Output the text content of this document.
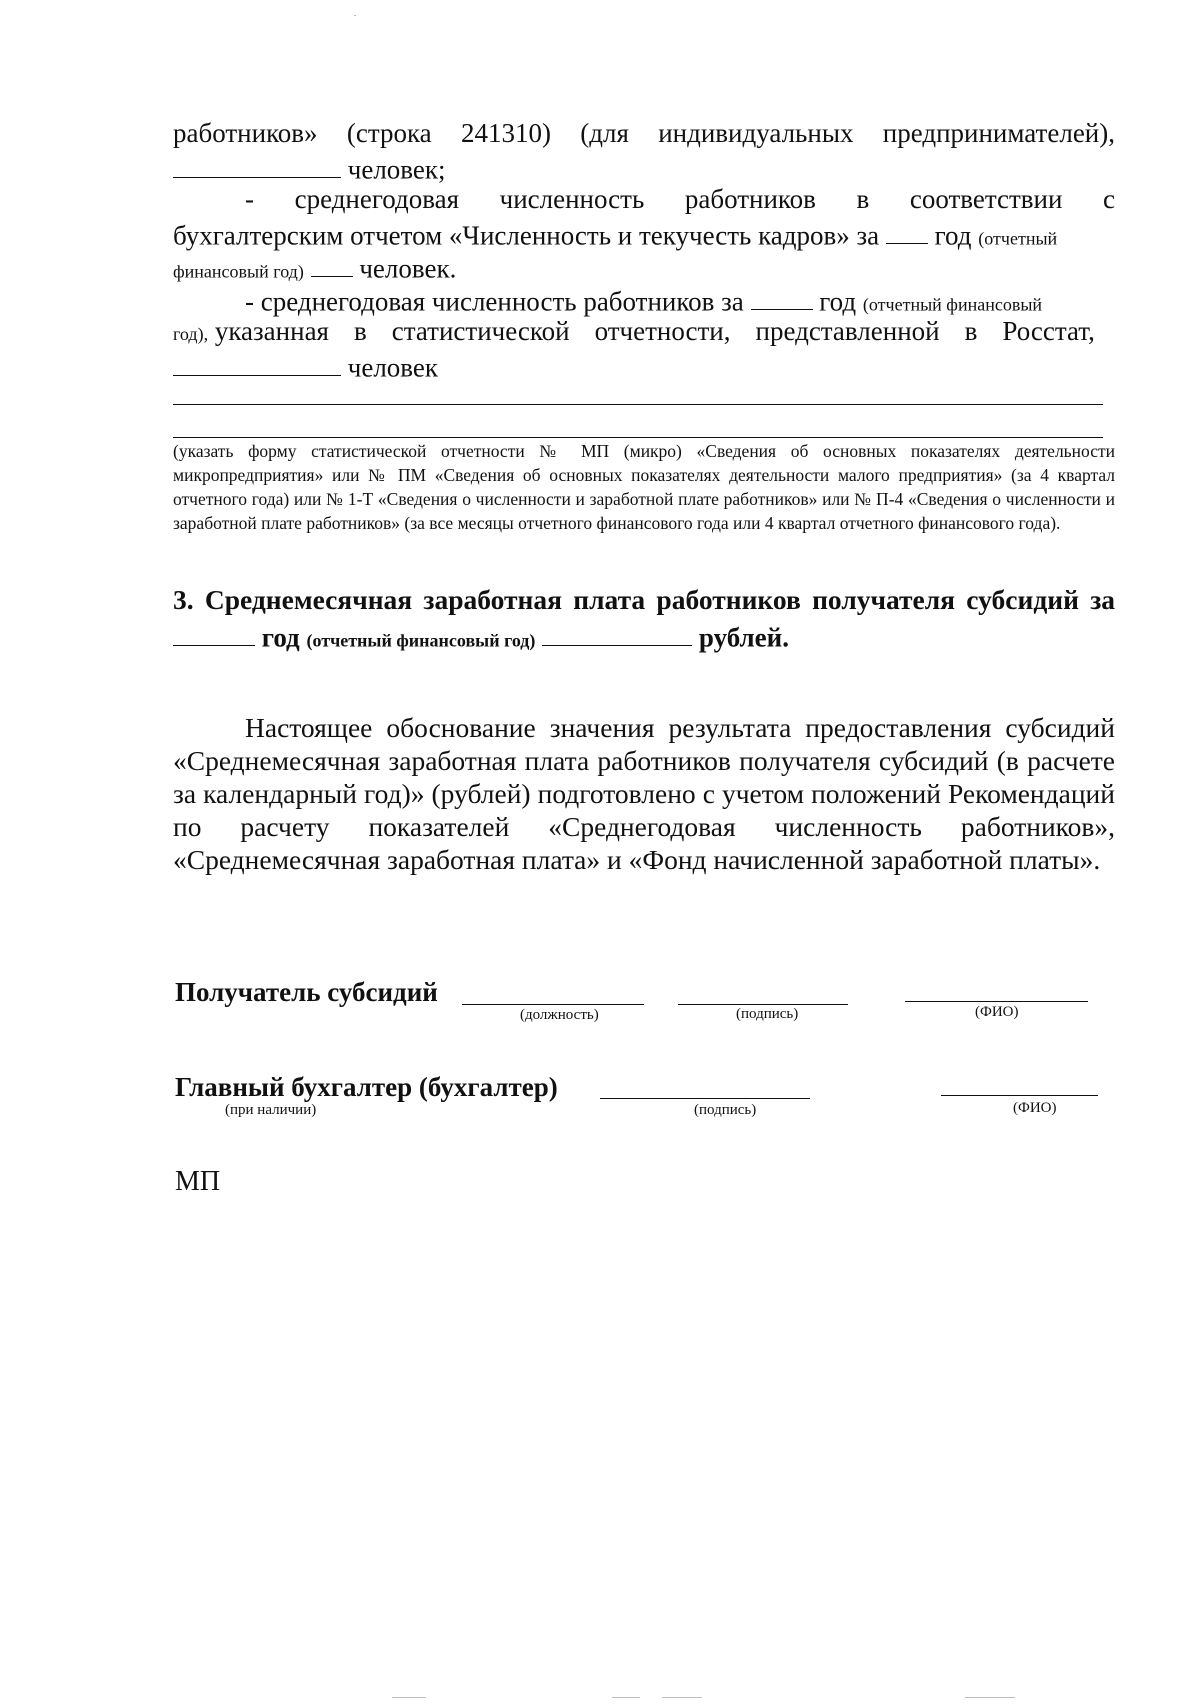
работников» (строка 241310) (для индивидуальных предпринимателей),
человек;
- среднегодовая численность работников в соответствии с
бухгалтерским отчетом «Численность и текучесть кадров» за год (отчетный
финансовый год) человек.
- среднегодовая численность работников за	год (отчетный финансовый
год), указанная в статистической отчетности, представленной в Росстат,
человек
(указать форму статистической отчетности № МП (микро) «Сведения об основных показателях деятельности микропредприятия» или № ПМ «Сведения об основных показателях деятельности малого предприятия» (за 4 квартал отчетного года) или № 1-Т «Сведения о численности и заработной плате работников» или № П-4 «Сведения о численности и заработной плате работников» (за все месяцы отчетного финансового года или 4 квартал отчетного финансового года).
3. Среднемесячная заработная плата работников получателя субсидий за
год (отчетный финансовый год)	рублей.
Настоящее обоснование значения результата предоставления субсидий «Среднемесячная заработная плата работников получателя субсидий (в расчете за календарный год)» (рублей) подготовлено с учетом положений Рекомендаций по расчету показателей «Среднегодовая численность работников», «Среднемесячная заработная плата» и «Фонд начисленной заработной платы».
Получатель субсидий
(должность)	(подпись)	(ФИО)
Главный бухгалтер (бухгалтер)
(при наличии)	(подпись)	(ФИО)
МП
